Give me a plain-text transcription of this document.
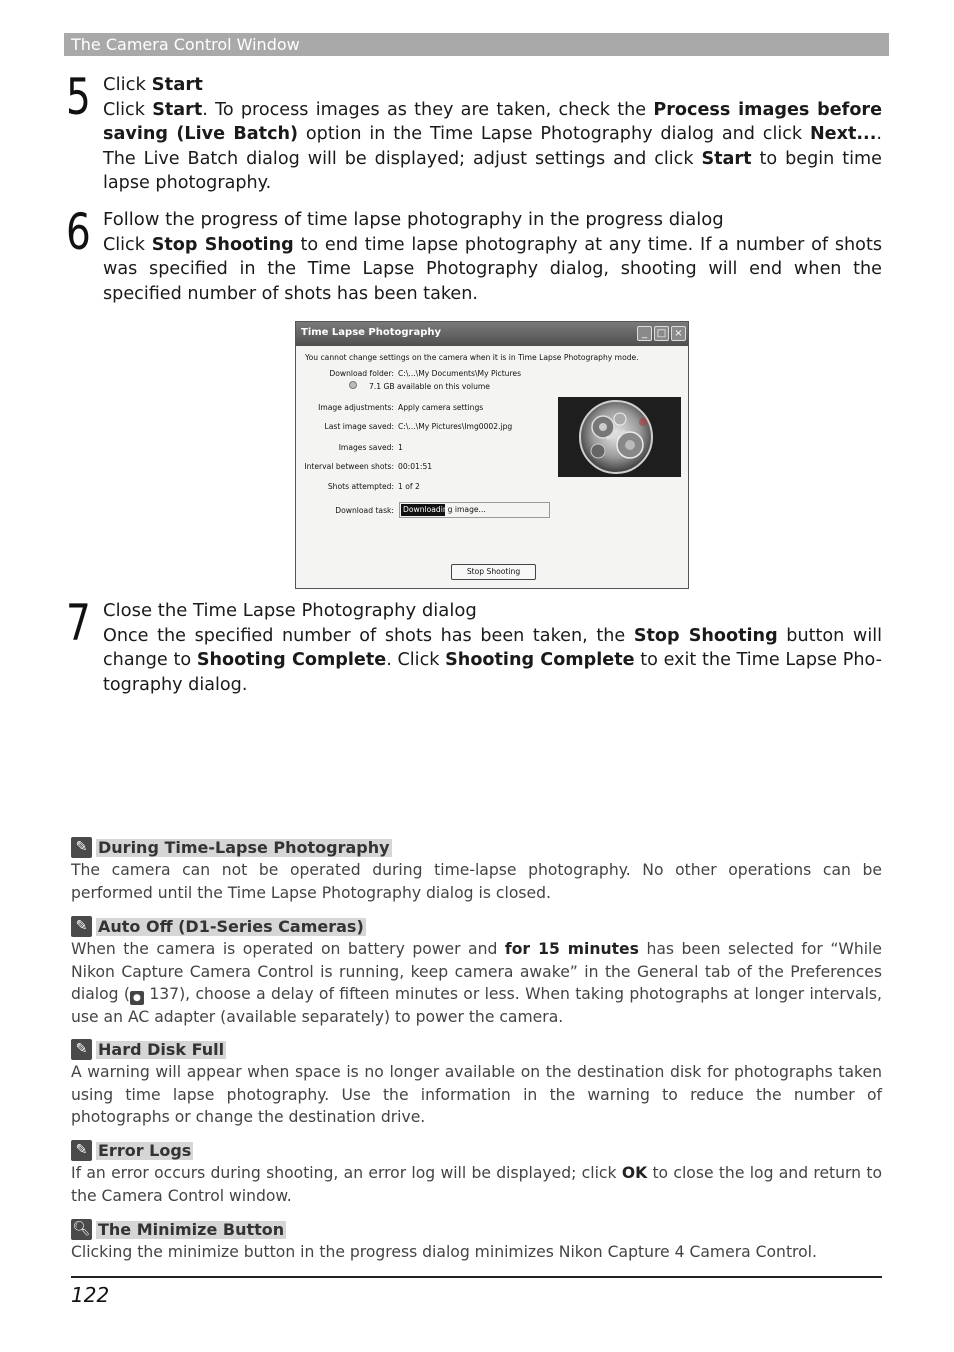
The Camera Control Window
5 Click Start
Click Start. To process images as they are taken, check the Process images before saving (Live Batch) option in the Time Lapse Photography dialog and click Next.... The Live Batch dialog will be displayed; adjust settings and click Start to begin time lapse photography.
6 Follow the progress of time lapse photography in the progress dialog
Click Stop Shooting to end time lapse photography at any time. If a number of shots was specified in the Time Lapse Photography dialog, shooting will end when the specified number of shots has been taken.
Time Lapse Photography	_ □ ×
You cannot change settings on the camera when it is in Time Lapse Photography mode.
Download folder: C:\...\My Documents\My Pictures
7.1 GB available on this volume
Image adjustments: Apply camera settings
Last image saved: C:\...\My Pictures\Img0002.jpg
Images saved: 1
Interval between shots: 00:01:51
Shots attempted: 1 of 2
Download task: Downloading image...
Stop Shooting
7 Close the Time Lapse Photography dialog
Once the specified number of shots has been taken, the Stop Shooting button will change to Shooting Complete. Click Shooting Complete to exit the Time Lapse Pho-tography dialog.
✎ During Time-Lapse Photography
The camera can not be operated during time-lapse photography. No other operations can be performed until the Time Lapse Photography dialog is closed.
✎ Auto Off (D1-Series Cameras)
When the camera is operated on battery power and for 15 minutes has been selected for “While Nikon Capture Camera Control is running, keep camera awake” in the General tab of the Preferences dialog ( ● 137), choose a delay of fifteen minutes or less. When taking photographs at longer intervals, use an AC adapter (available separately) to power the camera.
✎ Hard Disk Full
A warning will appear when space is no longer available on the destination disk for photographs taken using time lapse photography. Use the information in the warning to reduce the number of photographs or change the destination drive.
✎ Error Logs
If an error occurs during shooting, an error log will be displayed; click OK to close the log and return to the Camera Control window.
🔍︎ The Minimize Button
Clicking the minimize button in the progress dialog minimizes Nikon Capture 4 Camera Control.
122
